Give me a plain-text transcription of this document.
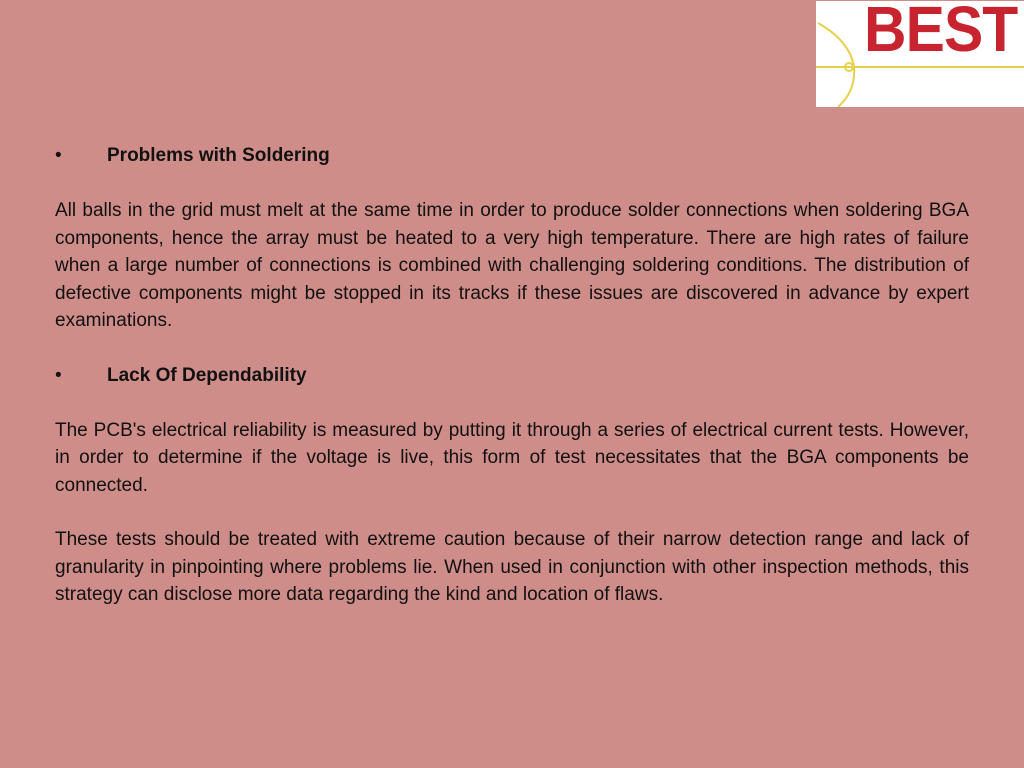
BEST
•	Problems with Soldering

All balls in the grid must melt at the same time in order to produce solder connections when soldering BGA components, hence the array must be heated to a very high temperature. There are high rates of failure when a large number of connections is combined with challenging soldering conditions. The distribution of defective components might be stopped in its tracks if these issues are discovered in advance by expert examinations.

•	Lack Of Dependability

The PCB's electrical reliability is measured by putting it through a series of electrical current tests. However, in order to determine if the voltage is live, this form of test necessitates that the BGA components be connected.

These tests should be treated with extreme caution because of their narrow detection range and lack of granularity in pinpointing where problems lie. When used in conjunction with other inspection methods, this strategy can disclose more data regarding the kind and location of flaws.
